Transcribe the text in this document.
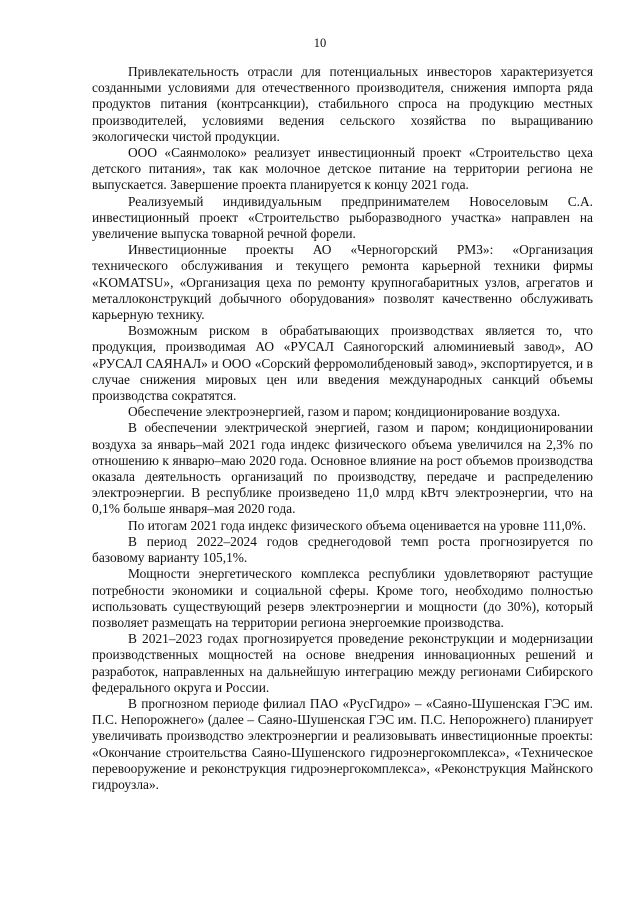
10

Привлекательность отрасли для потенциальных инвесторов характеризуется созданными условиями для отечественного производителя, снижения импорта ряда продуктов питания (контрсанкции), стабильного спроса на продукцию местных производителей, условиями ведения сельского хозяйства по выращиванию экологически чистой продукции.

ООО «Саянмолоко» реализует инвестиционный проект «Строительство цеха детского питания», так как молочное детское питание на территории региона не выпускается. Завершение проекта планируется к концу 2021 года.

Реализуемый индивидуальным предпринимателем Новоселовым С.А. инвестиционный проект «Строительство рыборазводного участка» направлен на увеличение выпуска товарной речной форели.

Инвестиционные проекты АО «Черногорский РМЗ»: «Организация технического обслуживания и текущего ремонта карьерной техники фирмы «KOMATSU», «Организация цеха по ремонту крупногабаритных узлов, агрегатов и металлоконструкций добычного оборудования» позволят качественно обслуживать карьерную технику.

Возможным риском в обрабатывающих производствах является то, что продукция, производимая АО «РУСАЛ Саяногорский алюминиевый завод», АО «РУСАЛ САЯНАЛ» и ООО «Сорский ферромолибденовый завод», экспортируется, и в случае снижения мировых цен или введения международных санкций объемы производства сократятся.

Обеспечение электроэнергией, газом и паром; кондиционирование воздуха.

В обеспечении электрической энергией, газом и паром; кондиционировании воздуха за январь–май 2021 года индекс физического объема увеличился на 2,3% по отношению к январю–маю 2020 года. Основное влияние на рост объемов производства оказала деятельность организаций по производству, передаче и распределению электроэнергии. В республике произведено 11,0 млрд кВтч электроэнергии, что на 0,1% больше января–мая 2020 года.

По итогам 2021 года индекс физического объема оценивается на уровне 111,0%.

В период 2022–2024 годов среднегодовой темп роста прогнозируется по базовому варианту 105,1%.

Мощности энергетического комплекса республики удовлетворяют растущие потребности экономики и социальной сферы. Кроме того, необходимо полностью использовать существующий резерв электроэнергии и мощности (до 30%), который позволяет размещать на территории региона энергоемкие производства.

В 2021–2023 годах прогнозируется проведение реконструкции и модернизации производственных мощностей на основе внедрения инновационных решений и разработок, направленных на дальнейшую интеграцию между регионами Сибирского федерального округа и России.

В прогнозном периоде филиал ПАО «РусГидро» – «Саяно-Шушенская ГЭС им. П.С. Непорожнего» (далее – Саяно-Шушенская ГЭС им. П.С. Непорожнего) планирует увеличивать производство электроэнергии и реализовывать инвестиционные проекты: «Окончание строительства Саяно-Шушенского гидроэнергокомплекса», «Техническое перевооружение и реконструкция гидроэнергокомплекса», «Реконструкция Майнского гидроузла».
